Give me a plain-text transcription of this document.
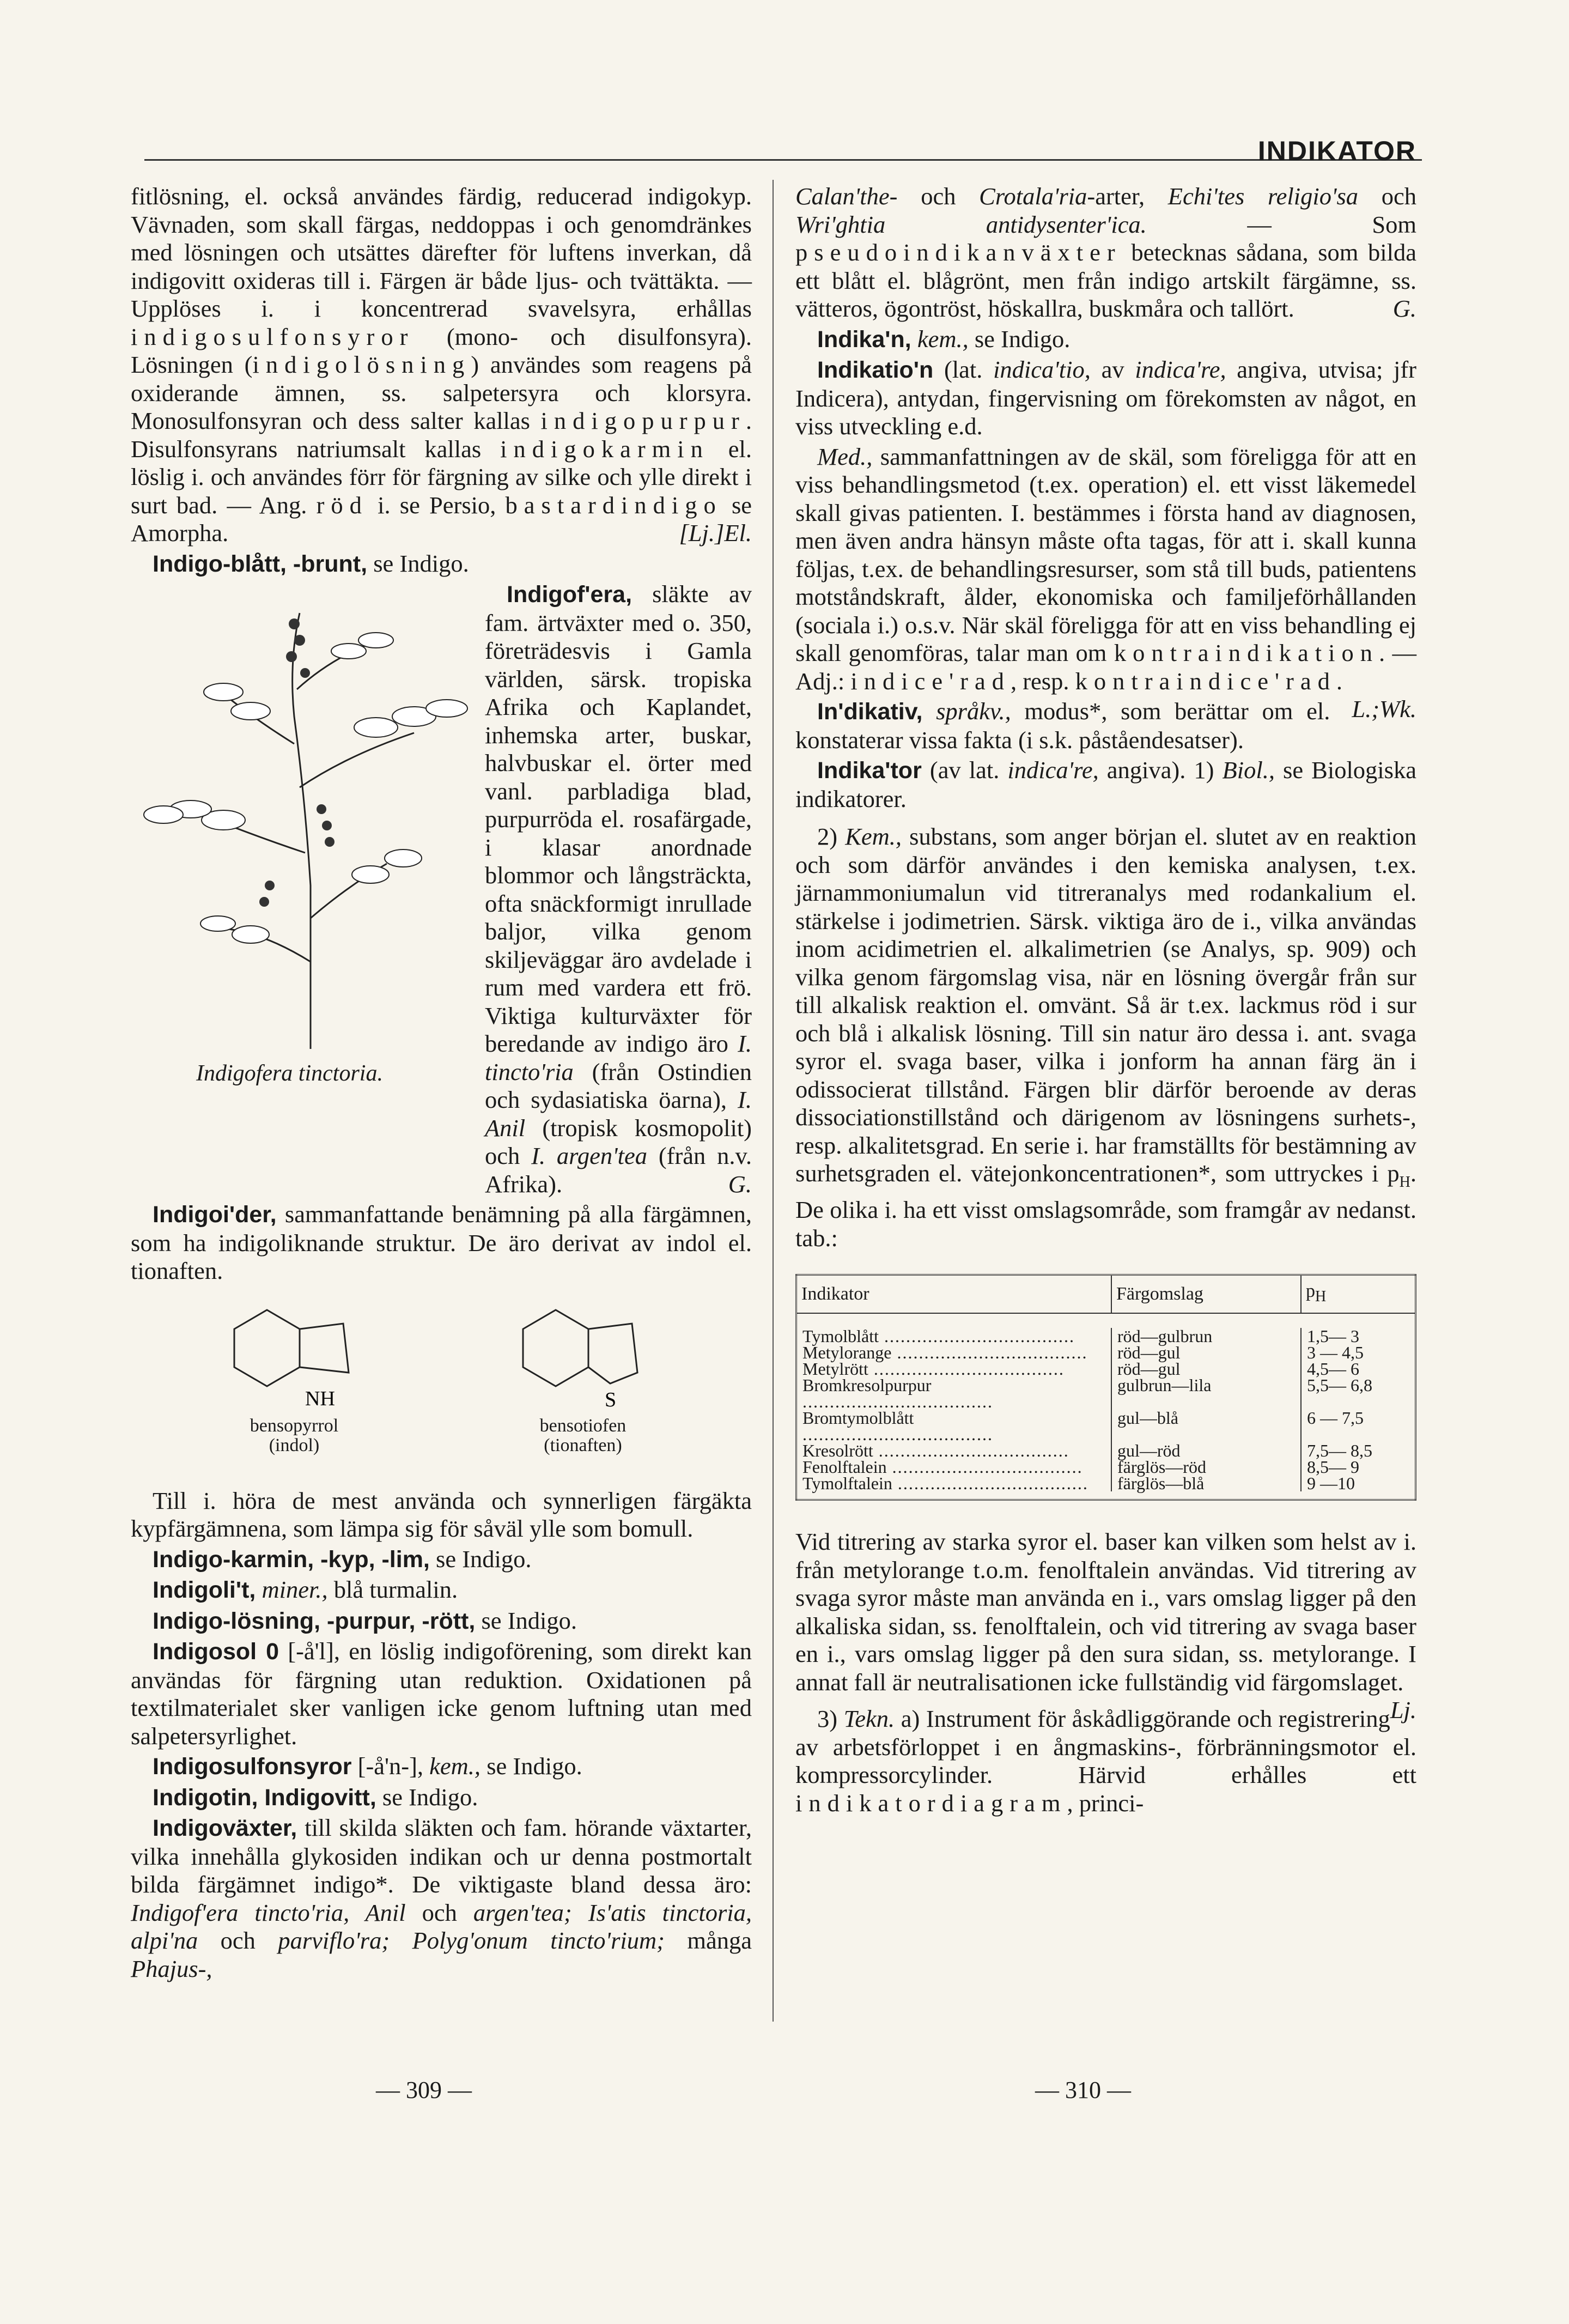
INDIKATOR

fitlösning, el. också användes färdig, reducerad indigokyp. Vävnaden, som skall färgas, neddoppas i och genomdränkes med lösningen och utsättes därefter för luftens inverkan, då indigovitt oxideras till i. Färgen är både ljus- och tvättäkta. — Upplöses i. i koncentrerad svavelsyra, erhållas indigosulfonsyror (mono- och disulfonsyra). Lösningen (indigolösning) användes som reagens på oxiderande ämnen, ss. salpetersyra och klorsyra. Monosulfonsyran och dess salter kallas indigopurpur. Disulfonsyrans natriumsalt kallas indigokarmin el. löslig i. och användes förr för färgning av silke och ylle direkt i surt bad. — Ang. röd i. se Persio, bastardindigo se Amorpha.	[Lj.]El.

Indigo-blått, -brunt, se Indigo.

Indigofera tinctoria.

Indigof'era, släkte av fam. ärtväxter med o. 350, företrädesvis i Gamla världen, särsk. tropiska Afrika och Kaplandet, inhemska arter, buskar, halvbuskar el. örter med vanl. parbladiga blad, purpurröda el. rosafärgade, i klasar anordnade blommor och långsträckta, ofta snäckformigt inrullade baljor, vilka genom skiljeväggar äro avdelade i rum med vardera ett frö. Viktiga kulturväxter för beredande av indigo äro I. tincto'ria (från Ostindien och sydasiatiska öarna), I. Anil (tropisk kosmopolit) och I. argen'tea (från n.v. Afrika).	G.

Indigoi'der, sammanfattande benämning på alla färgämnen, som ha indigoliknande struktur. De äro derivat av indol el. tionaften.

NH
bensopyrrol
(indol)
S
bensotiofen
(tionaften)

Till i. höra de mest använda och synnerligen färgäkta kypfärgämnena, som lämpa sig för såväl ylle som bomull.

Indigo-karmin, -kyp, -lim, se Indigo.

Indigoli't, miner., blå turmalin.

Indigo-lösning, -purpur, -rött, se Indigo.

Indigosol 0 [-å'l], en löslig indigoförening, som direkt kan användas för färgning utan reduktion. Oxidationen på textilmaterialet sker vanligen icke genom luftning utan med salpetersyrlighet.

Indigosulfonsyror [-å'n-], kem., se Indigo.

Indigotin, Indigovitt, se Indigo.

Indigoväxter, till skilda släkten och fam. hörande växtarter, vilka innehålla glykosiden indikan och ur denna postmortalt bilda färgämnet indigo*. De viktigaste bland dessa äro: Indigof'era tincto'ria, Anil och argen'tea; Is'atis tinctoria, alpi'na och parviflo'ra; Polyg'onum tincto'rium; många Phajus-,

— 309 —

Calan'the- och Crotala'ria-arter, Echi'tes religio'sa och Wri'ghtia antidysenter'ica.	— Som pseudoindikanväxter betecknas sådana, som bilda ett blått el. blågrönt, men från indigo artskilt färgämne, ss. vätteros, ögontröst, höskallra, buskmåra och tallört.	G.

Indika'n, kem., se Indigo.

Indikatio'n (lat. indica'tio, av indica're, angiva, utvisa; jfr Indicera), antydan, fingervisning om förekomsten av något, en viss utveckling e.d.

Med., sammanfattningen av de skäl, som föreligga för att en viss behandlingsmetod (t.ex. operation) el. ett visst läkemedel skall givas patienten. I. bestämmes i första hand av diagnosen, men även andra hänsyn måste ofta tagas, för att i. skall kunna följas, t.ex. de behandlingsresurser, som stå till buds, patientens motståndskraft, ålder, ekonomiska och familjeförhållanden (sociala i.) o.s.v. När skäl föreligga för att en viss behandling ej skall genomföras, talar man om kontraindikation. — Adj.: indice'rad, resp. kontraindice'rad.
L.;Wk.

In'dikativ, språkv., modus*, som berättar om el. konstaterar vissa fakta (i s.k. påståendesatser).

Indika'tor (av lat. indica're, angiva). 1) Biol., se Biologiska indikatorer.

2) Kem., substans, som anger början el. slutet av en reaktion och som därför användes i den kemiska analysen, t.ex. järnammoniumalun vid titreranalys med rodankalium el. stärkelse i jodimetrien. Särsk. viktiga äro de i., vilka användas inom acidimetrien el. alkalimetrien (se Analys, sp. 909) och vilka genom färgomslag visa, när en lösning övergår från sur till alkalisk reaktion el. omvänt. Så är t.ex. lackmus röd i sur och blå i alkalisk lösning. Till sin natur äro dessa i. ant. svaga syror el. svaga baser, vilka i jonform ha annan färg än i odissocierat tillstånd. Färgen blir därför beroende av deras dissociationstillstånd och därigenom av lösningens surhets-, resp. alkalitetsgrad. En serie i. har framställts för bestämning av surhetsgraden el. vätejonkoncentrationen*, som uttryckes i $p_H$. De olika i. ha ett visst omslagsområde, som framgår av nedanst. tab.:

Indikator	Färgomslag	$p_H$

Tymolblått .....	röd—gulbrun	1,5— 3
Metylorange .....	röd—gul	3 — 4,5
Metylrött .....	röd—gul	4,5— 6
Bromkresolpurpur .....	gulbrun—lila	5,5— 6,8
Bromtymolblått .....	gul—blå	6 — 7,5
Kresolrött .....	gul—röd	7,5— 8,5
Fenolftalein .....	färglös—röd	8,5— 9
Tymolftalein .....	färglös—blå	9 —10

Vid titrering av starka syror el. baser kan vilken som helst av i. från metylorange t.o.m. fenolftalein användas. Vid titrering av svaga syror måste man använda en i., vars omslag ligger på den alkaliska sidan, ss. fenolftalein, och vid titrering av svaga baser en i., vars omslag ligger på den sura sidan, ss. metylorange. I annat fall är neutralisationen icke fullständig vid färgomslaget.
Lj.

3) Tekn. a) Instrument för åskådliggörande och registrering av arbetsförloppet i en ångmaskins-, förbränningsmotor el. kompressorcylinder. Härvid erhålles ett indikatordiagram, princi-

— 310 —
